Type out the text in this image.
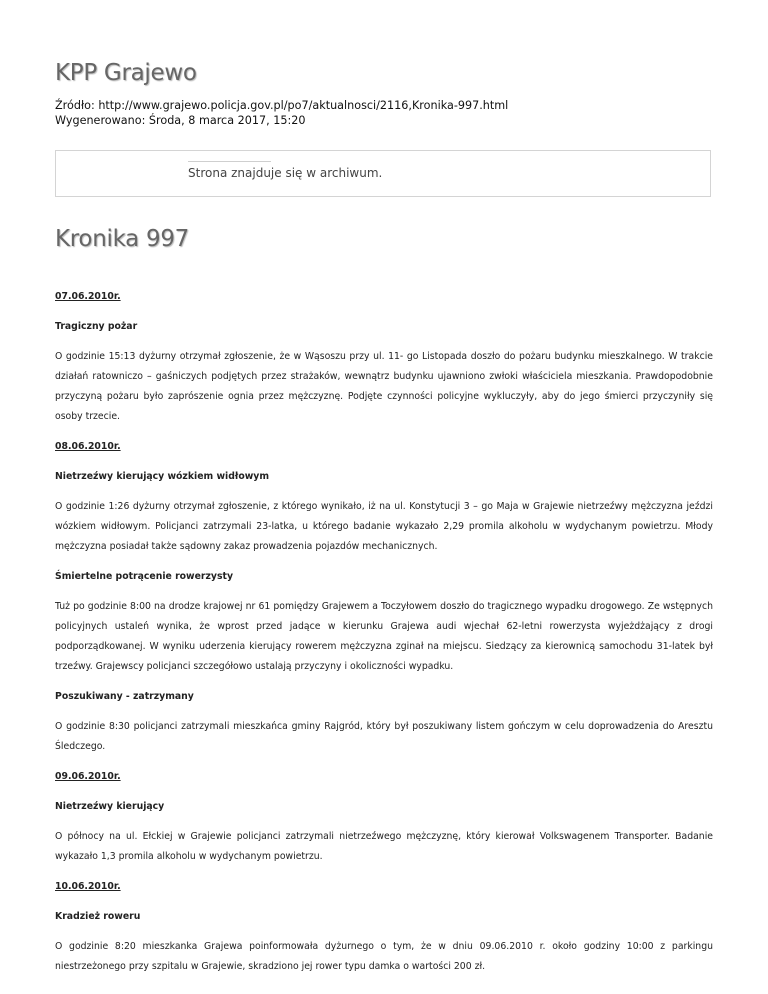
KPP Grajewo
Źródło: http://www.grajewo.policja.gov.pl/po7/aktualnosci/2116,Kronika-997.html
Wygenerowano: Środa, 8 marca 2017, 15:20
Strona znajduje się w archiwum.
Kronika 997

07.06.2010r.

Tragiczny pożar

O godzinie 15:13 dyżurny otrzymał zgłoszenie, że w Wąsoszu przy ul. 11- go Listopada doszło do pożaru budynku mieszkalnego. W trakcie działań ratowniczo – gaśniczych podjętych przez strażaków, wewnątrz budynku ujawniono zwłoki właściciela mieszkania. Prawdopodobnie przyczyną pożaru było zaprószenie ognia przez mężczyznę. Podjęte czynności policyjne wykluczyły, aby do jego śmierci przyczyniły się osoby trzecie.

08.06.2010r.

Nietrzeźwy kierujący wózkiem widłowym

O godzinie 1:26 dyżurny otrzymał zgłoszenie, z którego wynikało, iż na ul. Konstytucji 3 – go Maja w Grajewie nietrzeźwy mężczyzna jeździ wózkiem widłowym. Policjanci zatrzymali 23-latka, u którego badanie wykazało 2,29 promila alkoholu w wydychanym powietrzu. Młody mężczyzna posiadał także sądowny zakaz prowadzenia pojazdów mechanicznych.

Śmiertelne potrącenie rowerzysty

Tuż po godzinie 8:00 na drodze krajowej nr 61 pomiędzy Grajewem a Toczyłowem doszło do tragicznego wypadku drogowego. Ze wstępnych policyjnych ustaleń wynika, że wprost przed jadące w kierunku Grajewa audi wjechał 62-letni rowerzysta wyjeżdżający z drogi podporządkowanej. W wyniku uderzenia kierujący rowerem mężczyzna zginał na miejscu. Siedzący za kierownicą samochodu 31-latek był trzeźwy. Grajewscy policjanci szczegółowo ustalają przyczyny i okoliczności wypadku.

Poszukiwany - zatrzymany

O godzinie 8:30 policjanci zatrzymali mieszkańca gminy Rajgród, który był poszukiwany listem gończym w celu doprowadzenia do Aresztu Śledczego.

09.06.2010r.

Nietrzeźwy kierujący

O północy na ul. Ełckiej w Grajewie policjanci zatrzymali nietrzeźwego mężczyznę, który kierował Volkswagenem Transporter. Badanie wykazało 1,3 promila alkoholu w wydychanym powietrzu.

10.06.2010r.

Kradzież roweru

O godzinie 8:20 mieszkanka Grajewa poinformowała dyżurnego o tym, że w dniu 09.06.2010 r. około godziny 10:00 z parkingu niestrzeżonego przy szpitalu w Grajewie, skradziono jej rower typu damka o wartości 200 zł.
